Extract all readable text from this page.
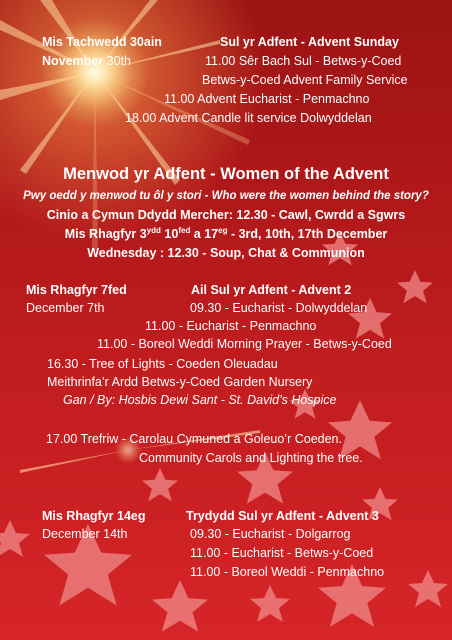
Mis Tachwedd 30ain	Sul yr Adfent - Advent Sunday
November 30th	11.00 Sêr Bach Sul - Betws-y-Coed
Betws-y-Coed Advent Family Service
11.00 Advent Eucharist - Penmachno
18.00 Advent Candle lit service Dolwyddelan
Menwod yr Adfent - Women of the Advent
Pwy oedd y menwod tu ôl y stori - Who were the women behind the story?
Cinio a Cymun Ddydd Mercher: 12.30 - Cawl, Cwrdd a Sgwrs
Mis Rhagfyr $3^{ydd}$ $10^{fed}$ a $17^{eg} - 3rd$, 10th, 17th December
Wednesday : 12.30 - Soup, Chat & Communion
Mis Rhagfyr 7fed	Ail Sul yr Adfent - Advent 2
December 7th	09.30 - Eucharist - Dolwyddelan
11.00 - Eucharist - Penmachno
11.00 - Boreol Weddi Morning Prayer - Betws-y-Coed
16.30 - Tree of Lights - Coeden Oleuadau
Meithrinfa’r Ardd Betws-y-Coed Garden Nursery
Gan / By: Hosbis Dewi Sant - St. David’s Hospice
17.00 Trefriw - Carolau Cymuned a Goleuo’r Coeden.
Community Carols and Lighting the tree.
Mis Rhagfyr 14eg	Trydydd Sul yr Adfent - Advent 3
December 14th	09.30 - Eucharist - Dolgarrog
11.00 - Eucharist - Betws-y-Coed
11.00 - Boreol Weddi - Penmachno
